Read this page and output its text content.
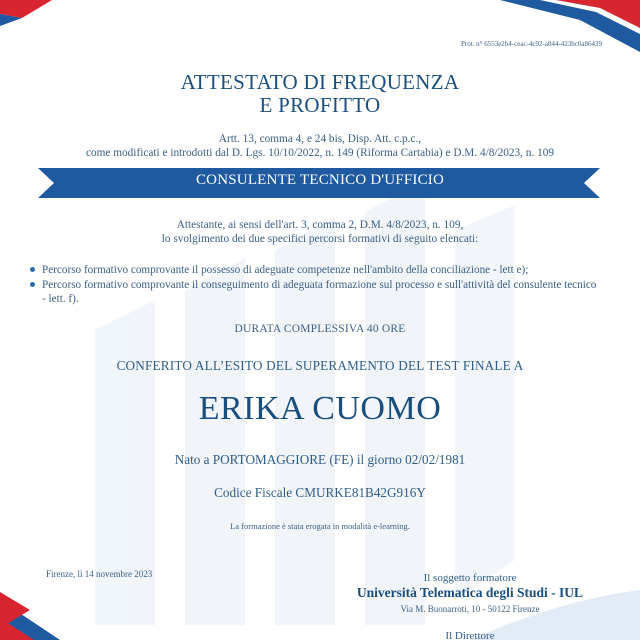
Prot. n° 6553e2b4-ceac-4c92-a844-423bc0a86439
ATTESTATO DI FREQUENZA
E PROFITTO
Artt. 13, comma 4, e 24 bis, Disp. Att. c.p.c.,
come modificati e introdotti dal D. Lgs. 10/10/2022, n. 149 (Riforma Cartabia) e D.M. 4/8/2023, n. 109
CONSULENTE TECNICO D'UFFICIO
Attestante, ai sensi dell'art. 3, comma 2, D.M. 4/8/2023, n. 109,
lo svolgimento dei due specifici percorsi formativi di seguito elencati:
Percorso formativo comprovante il possesso di adeguate competenze nell'ambito della conciliazione - lett e);
Percorso formativo comprovante il conseguimento di adeguata formazione sul processo e sull'attività del consulente tecnico - lett. f).
DURATA COMPLESSIVA 40 ORE
CONFERITO ALL’ESITO DEL SUPERAMENTO DEL TEST FINALE A
ERIKA CUOMO
Nato a PORTOMAGGIORE (FE) il giorno 02/02/1981
Codice Fiscale CMURKE81B42G916Y
La formazione è stata erogata in modalità e-learning.
Firenze, lì 14 novembre 2023	Il soggetto formatore
Università Telematica degli Studi - IUL
Via M. Buonarroti, 10 - 50122 Firenze
Il Direttore
